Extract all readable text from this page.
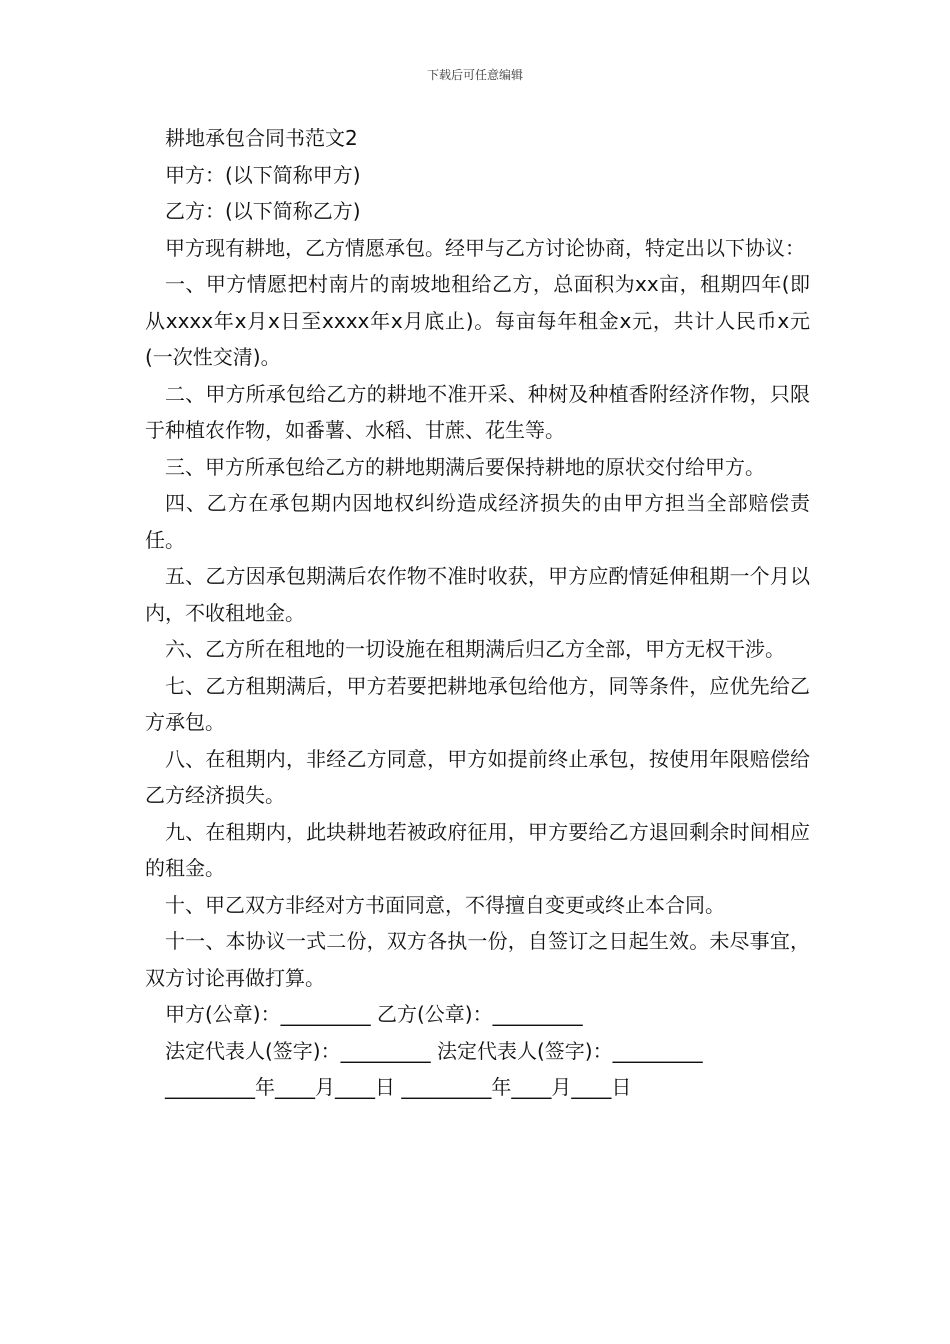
下载后可任意编辑
耕地承包合同书范文2
甲方：(以下简称甲方)
乙方：(以下简称乙方)
甲方现有耕地，乙方情愿承包。经甲与乙方讨论协商，特定出以下协议：
一、甲方情愿把村南片的南坡地租给乙方，总面积为xx亩，租期四年(即从xxxx年x月x日至xxxx年x月底止)。每亩每年租金x元，共计人民币x元(一次性交清)。
二、甲方所承包给乙方的耕地不准开采、种树及种植香附经济作物，只限于种植农作物，如番薯、水稻、甘蔗、花生等。
三、甲方所承包给乙方的耕地期满后要保持耕地的原状交付给甲方。
四、乙方在承包期内因地权纠纷造成经济损失的由甲方担当全部赔偿责任。
五、乙方因承包期满后农作物不准时收获，甲方应酌情延伸租期一个月以内，不收租地金。
六、乙方所在租地的一切设施在租期满后归乙方全部，甲方无权干涉。
七、乙方租期满后，甲方若要把耕地承包给他方，同等条件，应优先给乙方承包。
八、在租期内，非经乙方同意，甲方如提前终止承包，按使用年限赔偿给乙方经济损失。
九、在租期内，此块耕地若被政府征用，甲方要给乙方退回剩余时间相应的租金。
十、甲乙双方非经对方书面同意，不得擅自变更或终止本合同。
十一、本协议一式二份，双方各执一份，自签订之日起生效。未尽事宜，双方讨论再做打算。
甲方(公章)：_________ 乙方(公章)：_________
法定代表人(签字)：_________ 法定代表人(签字)：_________
_________年____月____日 _________年____月____日
